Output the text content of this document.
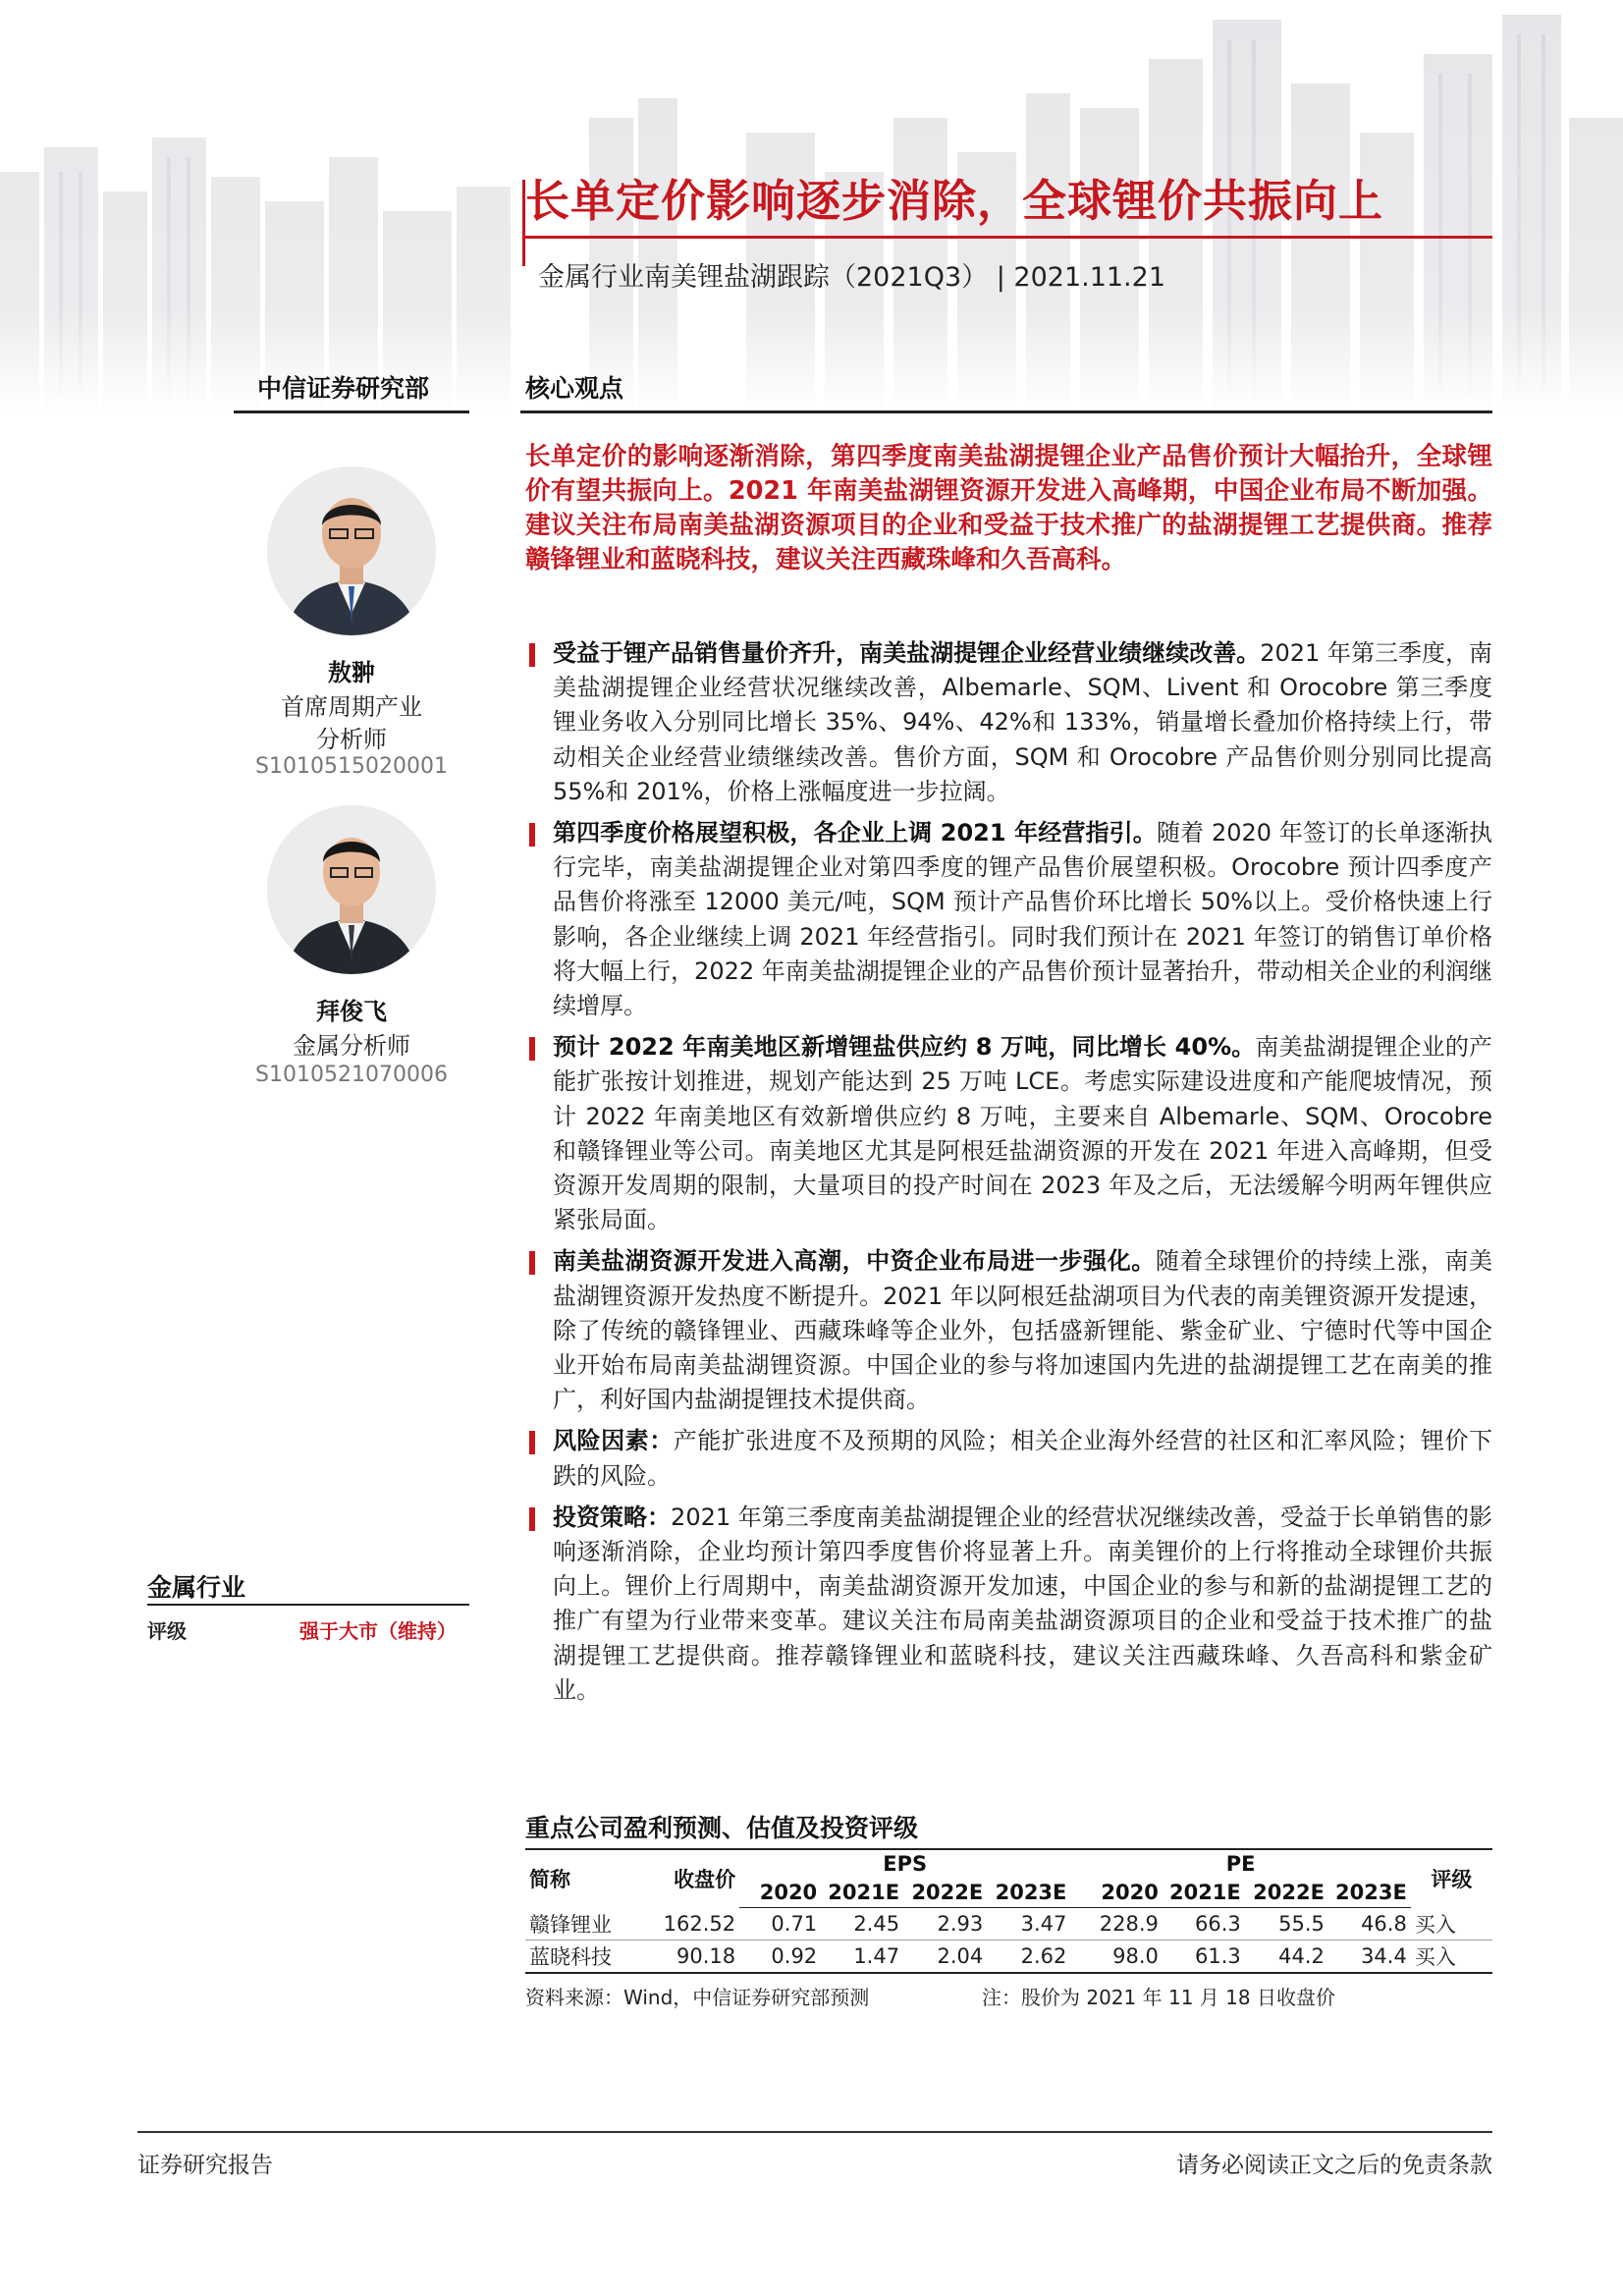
长单定价影响逐步消除，全球锂价共振向上
金属行业南美锂盐湖跟踪（2021Q3） | 2021.11.21
中信证券研究部	核心观点
敖翀
首席周期产业
分析师
S1010515020001
拜俊飞
金属分析师
S1010521070006
金属行业
评级	强于大市（维持）
长单定价的影响逐渐消除，第四季度南美盐湖提锂企业产品售价预计大幅抬升，全球锂价有望共振向上。2021 年南美盐湖锂资源开发进入高峰期，中国企业布局不断加强。建议关注布局南美盐湖资源项目的企业和受益于技术推广的盐湖提锂工艺提供商。推荐赣锋锂业和蓝晓科技，建议关注西藏珠峰和久吾高科。
受益于锂产品销售量价齐升，南美盐湖提锂企业经营业绩继续改善。2021 年第三季度，南美盐湖提锂企业经营状况继续改善，Albemarle、SQM、Livent 和 Orocobre 第三季度锂业务收入分别同比增长 35%、94%、42%和 133%，销量增长叠加价格持续上行，带动相关企业经营业绩继续改善。售价方面，SQM 和 Orocobre 产品售价则分别同比提高 55%和 201%，价格上涨幅度进一步拉阔。
第四季度价格展望积极，各企业上调 2021 年经营指引。随着 2020 年签订的长单逐渐执行完毕，南美盐湖提锂企业对第四季度的锂产品售价展望积极。Orocobre 预计四季度产品售价将涨至 12000 美元/吨，SQM 预计产品售价环比增长 50%以上。受价格快速上行影响，各企业继续上调 2021 年经营指引。同时我们预计在 2021 年签订的销售订单价格将大幅上行，2022 年南美盐湖提锂企业的产品售价预计显著抬升，带动相关企业的利润继续增厚。
预计 2022 年南美地区新增锂盐供应约 8 万吨，同比增长 40%。南美盐湖提锂企业的产能扩张按计划推进，规划产能达到 25 万吨 LCE。考虑实际建设进度和产能爬坡情况，预计 2022 年南美地区有效新增供应约 8 万吨，主要来自 Albemarle、SQM、Orocobre 和赣锋锂业等公司。南美地区尤其是阿根廷盐湖资源的开发在 2021 年进入高峰期，但受资源开发周期的限制，大量项目的投产时间在 2023 年及之后，无法缓解今明两年锂供应紧张局面。
南美盐湖资源开发进入高潮，中资企业布局进一步强化。随着全球锂价的持续上涨，南美盐湖锂资源开发热度不断提升。2021 年以阿根廷盐湖项目为代表的南美锂资源开发提速，除了传统的赣锋锂业、西藏珠峰等企业外，包括盛新锂能、紫金矿业、宁德时代等中国企业开始布局南美盐湖锂资源。中国企业的参与将加速国内先进的盐湖提锂工艺在南美的推广，利好国内盐湖提锂技术提供商。
风险因素：产能扩张进度不及预期的风险；相关企业海外经营的社区和汇率风险；锂价下跌的风险。
投资策略：2021 年第三季度南美盐湖提锂企业的经营状况继续改善，受益于长单销售的影响逐渐消除，企业均预计第四季度售价将显著上升。南美锂价的上行将推动全球锂价共振向上。锂价上行周期中，南美盐湖资源开发加速，中国企业的参与和新的盐湖提锂工艺的推广有望为行业带来变革。建议关注布局南美盐湖资源项目的企业和受益于技术推广的盐湖提锂工艺提供商。推荐赣锋锂业和蓝晓科技，建议关注西藏珠峰、久吾高科和紫金矿业。
重点公司盈利预测、估值及投资评级
简称	收盘价	EPS				PE				评级
		2020	2021E	2022E	2023E	2020	2021E	2022E	2023E	
赣锋锂业	162.52	0.71	2.45	2.93	3.47	228.9	66.3	55.5	46.8	买入
蓝晓科技	90.18	0.92	1.47	2.04	2.62	98.0	61.3	44.2	34.4	买入
资料来源：Wind，中信证券研究部预测	注：股价为 2021 年 11 月 18 日收盘价
证券研究报告	请务必阅读正文之后的免责条款
